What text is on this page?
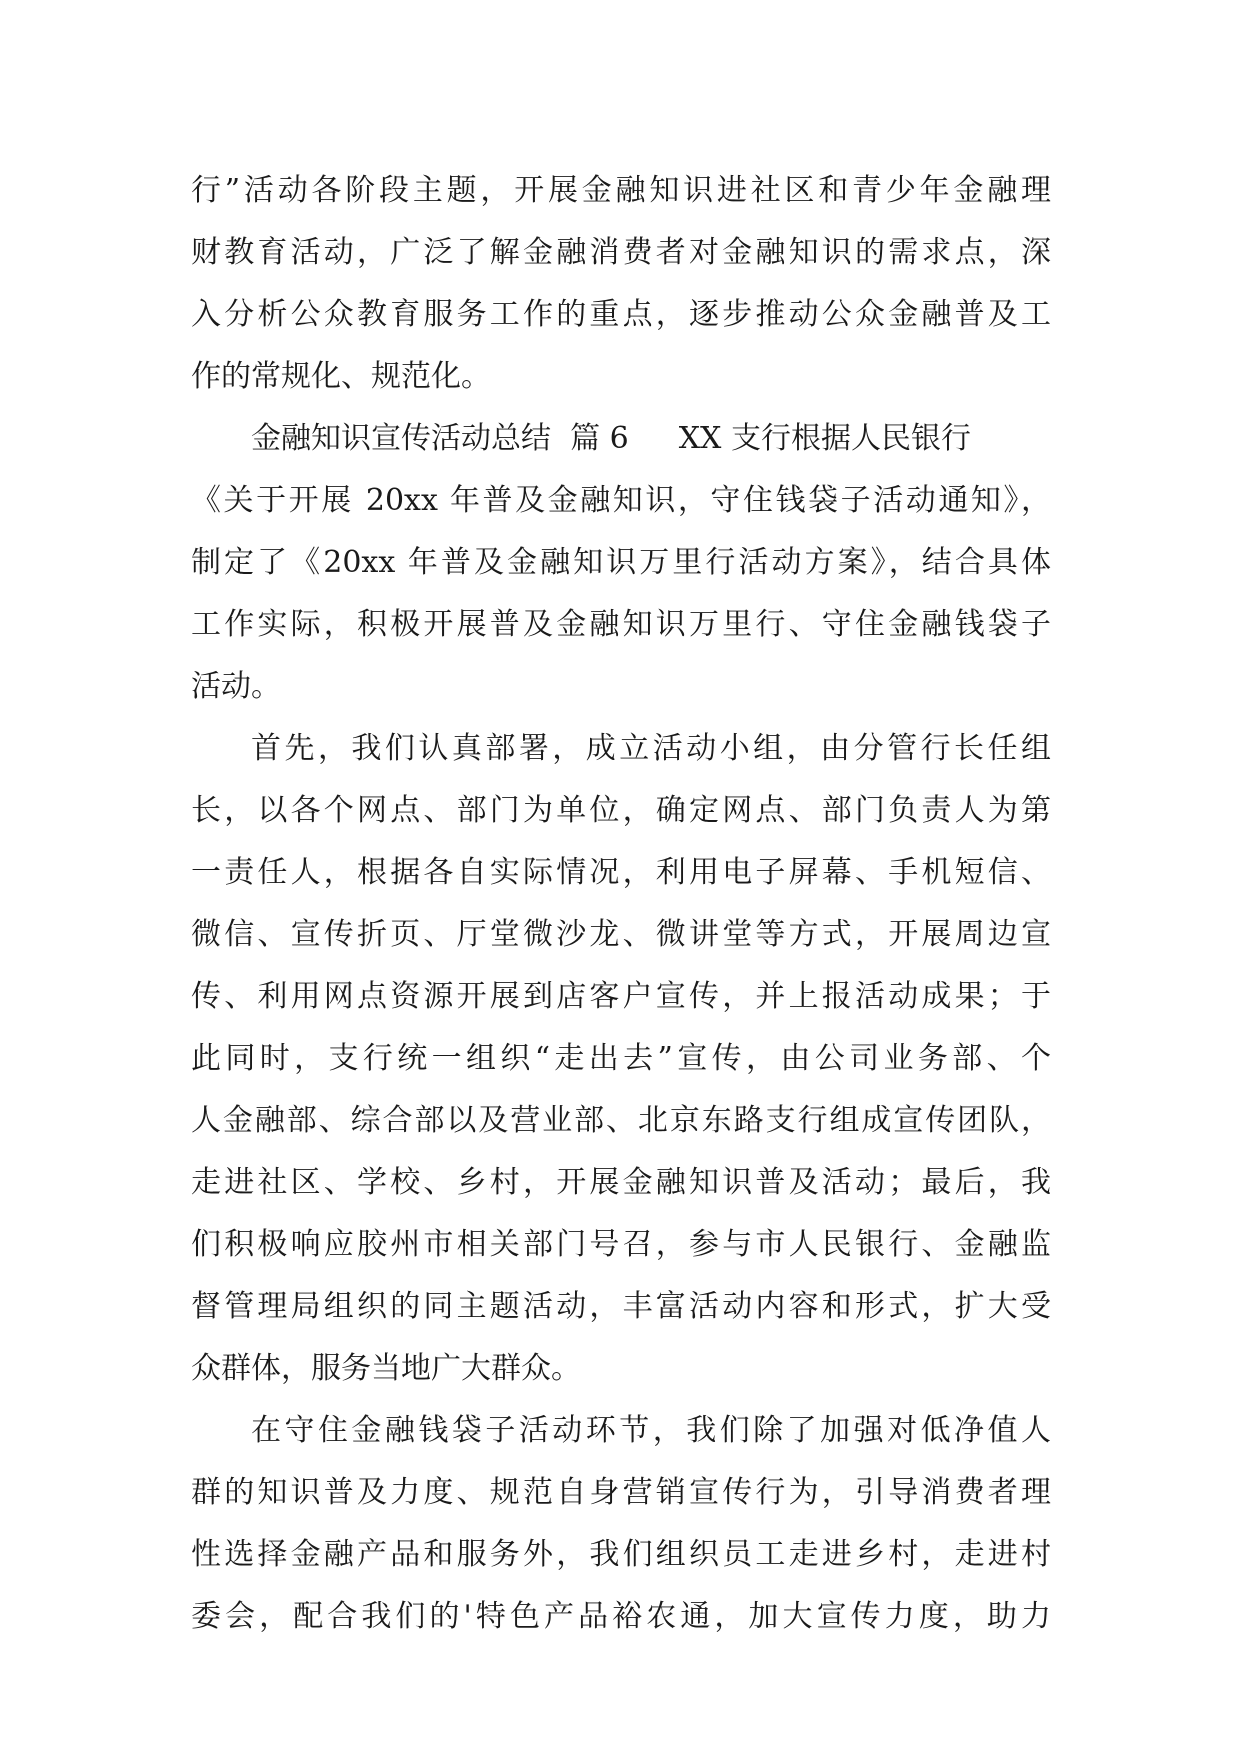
行”活动各阶段主题，开展金融知识进社区和青少年金融理
财教育活动，广泛了解金融消费者对金融知识的需求点，深
入分析公众教育服务工作的重点，逐步推动公众金融普及工
作的常规化、规范化。
金融知识宣传活动总结  篇 6 XX 支行根据人民银行
《关于开展 20xx 年普及金融知识，守住钱袋子活动通知》，
制定了《20xx 年普及金融知识万里行活动方案》，结合具体
工作实际，积极开展普及金融知识万里行、守住金融钱袋子
活动。
首先，我们认真部署，成立活动小组，由分管行长任组
长，以各个网点、部门为单位，确定网点、部门负责人为第
一责任人，根据各自实际情况，利用电子屏幕、手机短信、
微信、宣传折页、厅堂微沙龙、微讲堂等方式，开展周边宣
传、利用网点资源开展到店客户宣传，并上报活动成果；于
此同时，支行统一组织“走出去”宣传，由公司业务部、个
人金融部、综合部以及营业部、北京东路支行组成宣传团队，
走进社区、学校、乡村，开展金融知识普及活动；最后，我
们积极响应胶州市相关部门号召，参与市人民银行、金融监
督管理局组织的同主题活动，丰富活动内容和形式，扩大受
众群体，服务当地广大群众。
在守住金融钱袋子活动环节，我们除了加强对低净值人
群的知识普及力度、规范自身营销宣传行为，引导消费者理
性选择金融产品和服务外，我们组织员工走进乡村，走进村
委会，配合我们的'特色产品裕农通，加大宣传力度，助力
